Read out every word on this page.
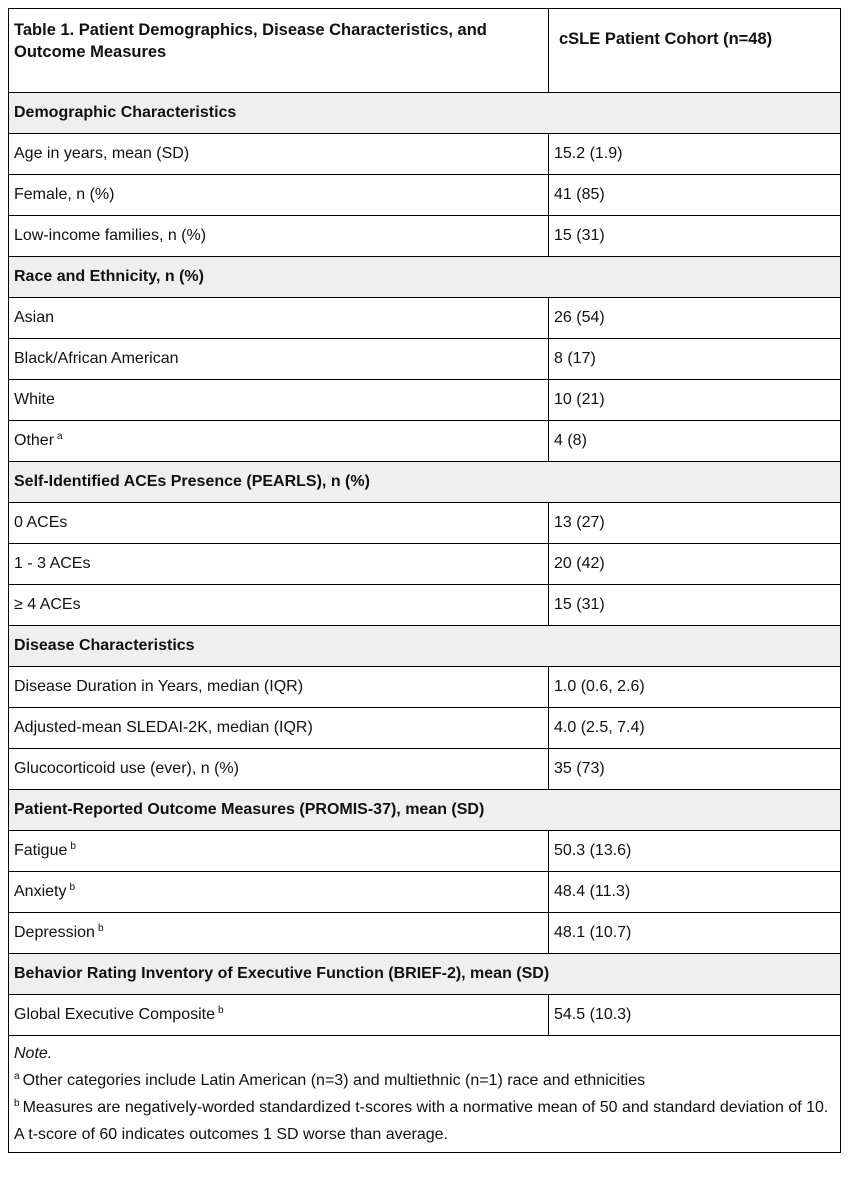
Table 1. Patient Demographics, Disease Characteristics, and Outcome Measures	cSLE Patient Cohort (n=48)
Demographic Characteristics	
Age in years, mean (SD)	15.2 (1.9)
Female, n (%)	41 (85)
Low-income families, n (%)	15 (31)
Race and Ethnicity, n (%)	
Asian	26 (54)
Black/African American	8 (17)
White	10 (21)
Other $^a$	4 (8)
Self-Identified ACEs Presence (PEARLS), n (%)	
0 ACEs	13 (27)
1 - 3 ACEs	20 (42)
≥ 4 ACEs	15 (31)
Disease Characteristics	
Disease Duration in Years, median (IQR)	1.0 (0.6, 2.6)
Adjusted-mean SLEDAI-2K, median (IQR)	4.0 (2.5, 7.4)
Glucocorticoid use (ever), n (%)	35 (73)
Patient-Reported Outcome Measures (PROMIS-37), mean (SD)	
Fatigue $^b$	50.3 (13.6)
Anxiety $^b$	48.4 (11.3)
Depression $^b$	48.1 (10.7)
Behavior Rating Inventory of Executive Function (BRIEF-2), mean (SD)	
Global Executive Composite $^b$	54.5 (10.3)

Note.
$^a$ Other categories include Latin American (n=3) and multiethnic (n=1) race and ethnicities
$^b$ Measures are negatively-worded standardized t-scores with a normative mean of 50 and standard deviation of 10. A t-score of 60 indicates outcomes 1 SD worse than average.	
